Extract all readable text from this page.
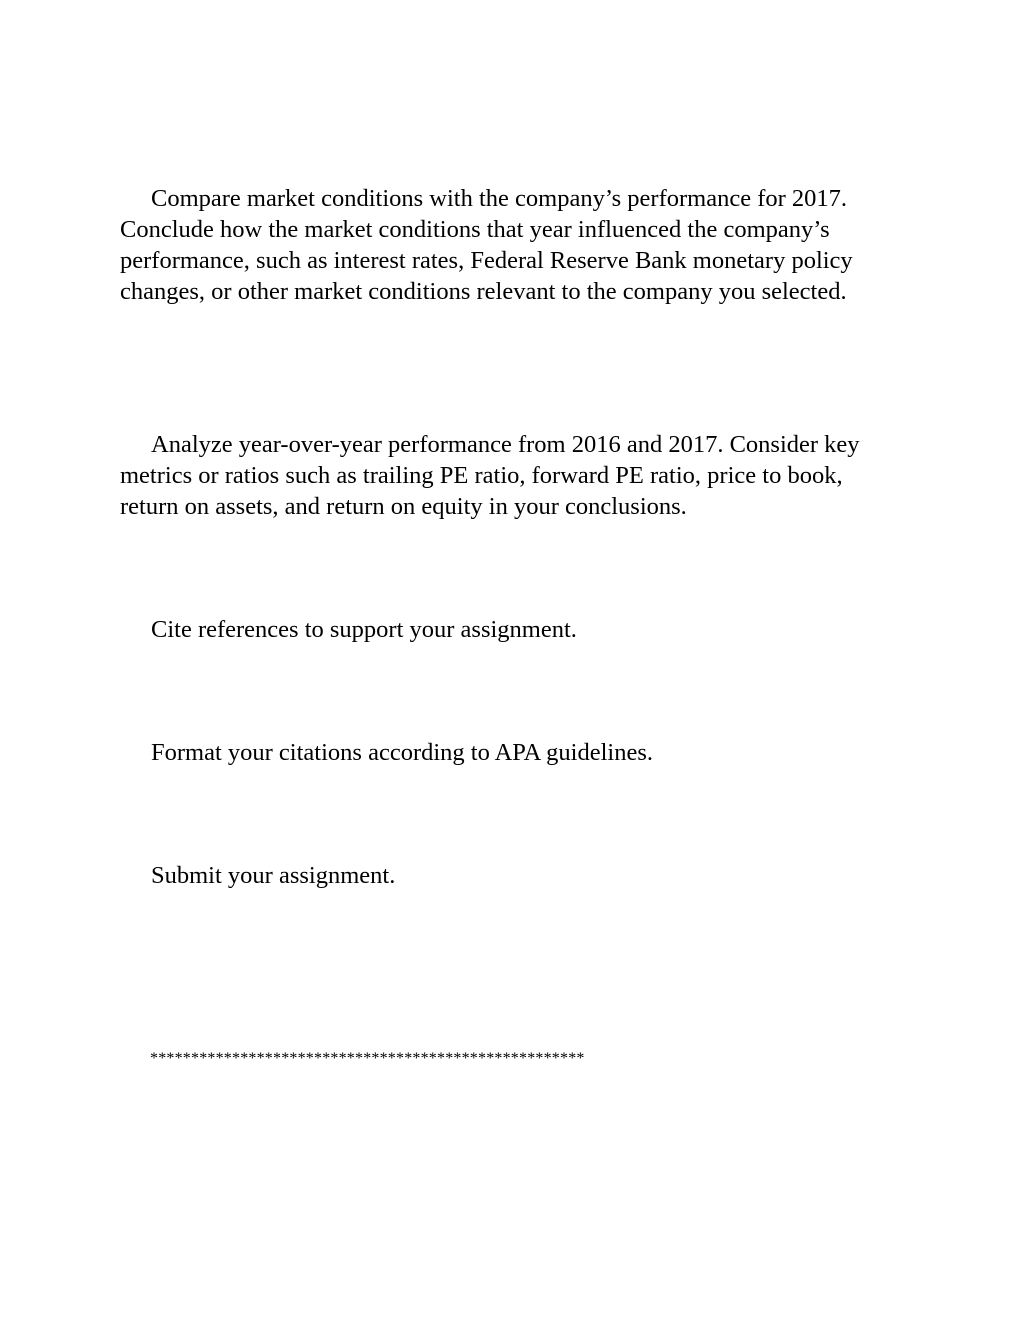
Compare market conditions with the company’s performance for 2017. Conclude how the market conditions that year influenced the company’s performance, such as interest rates, Federal Reserve Bank monetary policy changes, or other market conditions relevant to the company you selected.

Analyze year-over-year performance from 2016 and 2017. Consider key metrics or ratios such as trailing PE ratio, forward PE ratio, price to book, return on assets, and return on equity in your conclusions.

Cite references to support your assignment.

Format your citations according to APA guidelines.

Submit your assignment.

*****************************************************
